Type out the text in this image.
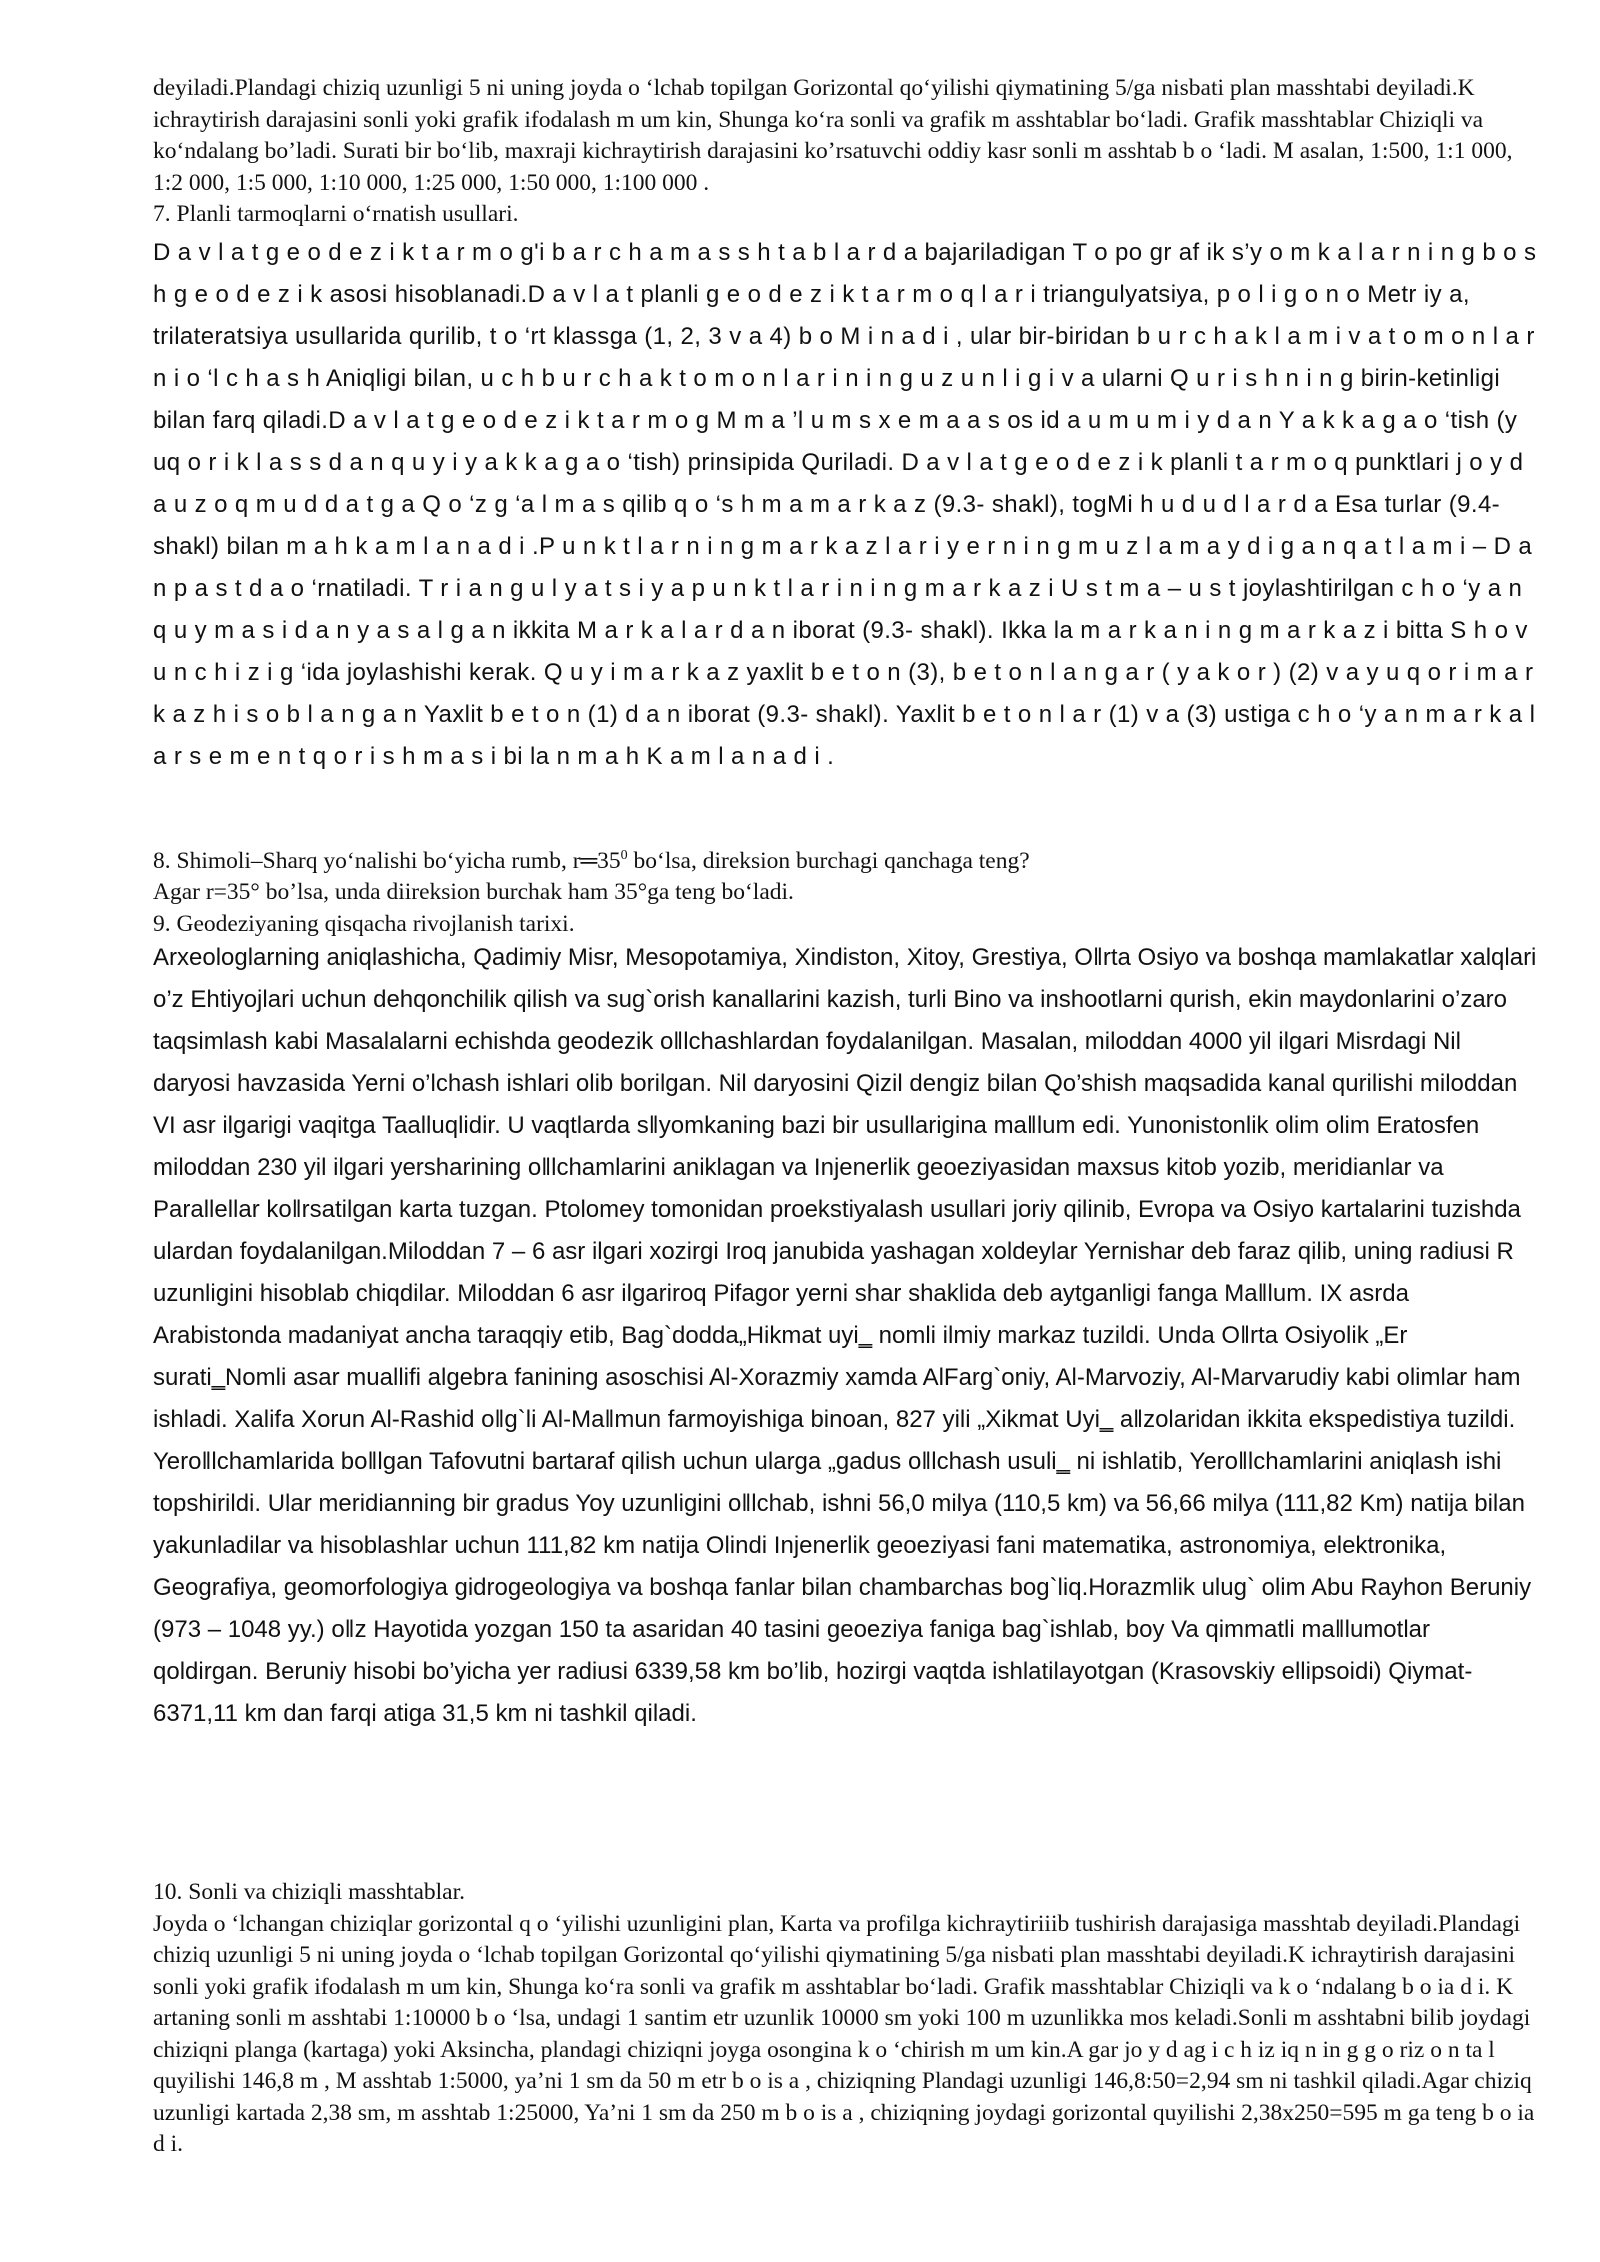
deyiladi.Plandagi chiziq uzunligi 5 ni uning joyda o ‘lchab topilgan Gorizontal qo‘yilishi qiymatining 5/ga nisbati plan masshtabi deyiladi.K ichraytirish darajasini sonli yoki grafik ifodalash m um kin, Shunga ko‘ra sonli va grafik m asshtablar bo‘ladi. Grafik masshtablar Chiziqli va ko‘ndalang bo’ladi. Surati bir bo‘lib, maxraji kichraytirish darajasini ko’rsatuvchi oddiy kasr sonli m asshtab b o ‘ladi. M asalan, 1:500, 1:1 000, 1:2 000, 1:5 000, 1:10 000, 1:25 000, 1:50 000, 1:100 000 .

7. Planli tarmoqlarni o‘rnatish usullari.

D a v l a t g e o d e z i k t a r m o g'i b a r c h a m a s s h t a b l a r d a bajariladigan T o po gr af ik s’y o m k a l a r n i n g b o s h g e o d e z i k asosi hisoblanadi.D a v l a t planli g e o d e z i k t a r m o q l a r i triangulyatsiya, p o l i g o n o Metr iy a, trilateratsiya usullarida qurilib, t o ‘rt klassga (1, 2, 3 v a 4) b o M i n a d i , ular bir-biridan b u r c h a k l a m i v a t o m o n l a r n i o ‘l c h a s h Aniqligi bilan, u c h b u r c h a k t o m o n l a r i n i n g u z u n l i g i v a ularni Q u r i s h n i n g birin-ketinligi bilan farq qiladi.D a v l a t g e o d e z i k t a r m o g M m a ’l u m s x e m a a s os id a u m u m i y d a n Y a k k a g a o ‘tish (y uq o r i k l a s s d a n q u y i y a k k a g a o ‘tish) prinsipida Quriladi. D a v l a t g e o d e z i k planli t a r m o q punktlari j o y d a u z o q m u d d a t g a Q o ‘z g ‘a l m a s qilib q o ‘s h m a m a r k a z (9.3- shakl), togMi h u d u d l a r d a Esa turlar (9.4- shakl) bilan m a h k a m l a n a d i .P u n k t l a r n i n g m a r k a z l a r i y e r n i n g m u z l a m a y d i g a n q a t l a m i – D a n p a s t d a o ‘rnatiladi. T r i a n g u l y a t s i y a p u n k t l a r i n i n g m a r k a z i U s t m a – u s t joylashtirilgan c h o ‘y a n q u y m a s i d a n y a s a l g a n ikkita M a r k a l a r d a n iborat (9.3- shakl). Ikka la m a r k a n i n g m a r k a z i bitta S h o v u n c h i z i g ‘ida joylashishi kerak. Q u y i m a r k a z yaxlit b e t o n (3), b e t o n l a n g a r ( y a k o r ) (2) v a y u q o r i m a r k a z h i s o b l a n g a n Yaxlit b e t o n (1) d a n iborat (9.3- shakl). Yaxlit b e t o n l a r (1) v a (3) ustiga c h o ‘y a n m a r k a l a r s e m e n t q o r i s h m a s i bi la n m a h K a m l a n a d i .

8. Shimoli–Sharq yo‘nalishi bo‘yicha rumb, $r═35^0$ bo‘lsa, direksion burchagi qanchaga teng?

Agar r=35° bo’lsa, unda diireksion burchak ham 35°ga teng bo‘ladi.

9. Geodeziyaning qisqacha rivojlanish tarixi.

Arxeologlarning aniqlashicha, Qadimiy Misr, Mesopotamiya, Xindiston, Xitoy, Grestiya, O‖rta Osiyo va boshqa mamlakatlar xalqlari o’z Ehtiyojlari uchun dehqonchilik qilish va sug`orish kanallarini kazish, turli Bino va inshootlarni qurish, ekin maydonlarini o’zaro taqsimlash kabi Masalalarni echishda geodezik o‖lchashlardan foydalanilgan. Masalan, miloddan 4000 yil ilgari Misrdagi Nil daryosi havzasida Yerni o’lchash ishlari olib borilgan. Nil daryosini Qizil dengiz bilan Qo’shish maqsadida kanal qurilishi miloddan VI asr ilgarigi vaqitga Taalluqlidir. U vaqtlarda s‖yomkaning bazi bir usullarigina ma‖lum edi. Yunonistonlik olim olim Eratosfen miloddan 230 yil ilgari yersharining o‖lchamlarini aniklagan va Injenerlik geoeziyasidan maxsus kitob yozib, meridianlar va Parallellar ko‖rsatilgan karta tuzgan. Ptolomey tomonidan proekstiyalash usullari joriy qilinib, Evropa va Osiyo kartalarini tuzishda ulardan foydalanilgan.Miloddan 7 – 6 asr ilgari xozirgi Iroq janubida yashagan xoldeylar Yernishar deb faraz qilib, uning radiusi R uzunligini hisoblab chiqdilar. Miloddan 6 asr ilgariroq Pifagor yerni shar shaklida deb aytganligi fanga Ma‖lum. IX asrda Arabistonda madaniyat ancha taraqqiy etib, Bag`dodda„Hikmat uyi‗ nomli ilmiy markaz tuzildi. Unda O‖rta Osiyolik „Er surati‗Nomli asar muallifi algebra fanining asoschisi Al-Xorazmiy xamda AlFarg`oniy, Al-Marvoziy, Al-Marvarudiy kabi olimlar ham ishladi. Xalifa Xorun Al-Rashid o‖g`li Al-Ma‖mun farmoyishiga binoan, 827 yili „Xikmat Uyi‗ a‖zolaridan ikkita ekspedistiya tuzildi. Yero‖lchamlarida bo‖lgan Tafovutni bartaraf qilish uchun ularga „gadus o‖lchash usuli‗ ni ishlatib, Yero‖lchamlarini aniqlash ishi topshirildi. Ular meridianning bir gradus Yoy uzunligini o‖lchab, ishni 56,0 milya (110,5 km) va 56,66 milya (111,82 Km) natija bilan yakunladilar va hisoblashlar uchun 111,82 km natija Olindi Injenerlik geoeziyasi fani matematika, astronomiya, elektronika, Geografiya, geomorfologiya gidrogeologiya va boshqa fanlar bilan chambarchas bog`liq.Horazmlik ulug` olim Abu Rayhon Beruniy (973 – 1048 yy.) o‖z Hayotida yozgan 150 ta asaridan 40 tasini geoeziya faniga bag`ishlab, boy Va qimmatli ma‖lumotlar qoldirgan. Beruniy hisobi bo’yicha yer radiusi 6339,58 km bo’lib, hozirgi vaqtda ishlatilayotgan (Krasovskiy ellipsoidi) Qiymat- 6371,11 km dan farqi atiga 31,5 km ni tashkil qiladi.

10. Sonli va chiziqli masshtablar.

Joyda o ‘lchangan chiziqlar gorizontal q o ‘yilishi uzunligini plan, Karta va profilga kichraytiriiib tushirish darajasiga masshtab deyiladi.Plandagi chiziq uzunligi 5 ni uning joyda o ‘lchab topilgan Gorizontal qo‘yilishi qiymatining 5/ga nisbati plan masshtabi deyiladi.K ichraytirish darajasini sonli yoki grafik ifodalash m um kin, Shunga ko‘ra sonli va grafik m asshtablar bo‘ladi. Grafik masshtablar Chiziqli va k o ‘ndalang b o ia d i. K artaning sonli m asshtabi 1:10000 b o ‘lsa, undagi 1 santim etr uzunlik 10000 sm yoki 100 m uzunlikka mos keladi.Sonli m asshtabni bilib joydagi chiziqni planga (kartaga) yoki Aksincha, plandagi chiziqni joyga osongina k o ‘chirish m um kin.A gar jo y d ag i c h iz iq n in g g o riz o n ta l quyilishi 146,8 m , M asshtab 1:5000, ya’ni 1 sm da 50 m etr b o is a , chiziqning Plandagi uzunligi 146,8:50=2,94 sm ni tashkil qiladi.Agar chiziq uzunligi kartada 2,38 sm, m asshtab 1:25000, Ya’ni 1 sm da 250 m b o is a , chiziqning joydagi gorizontal quyilishi 2,38x250=595 m ga teng b o ia d i.
